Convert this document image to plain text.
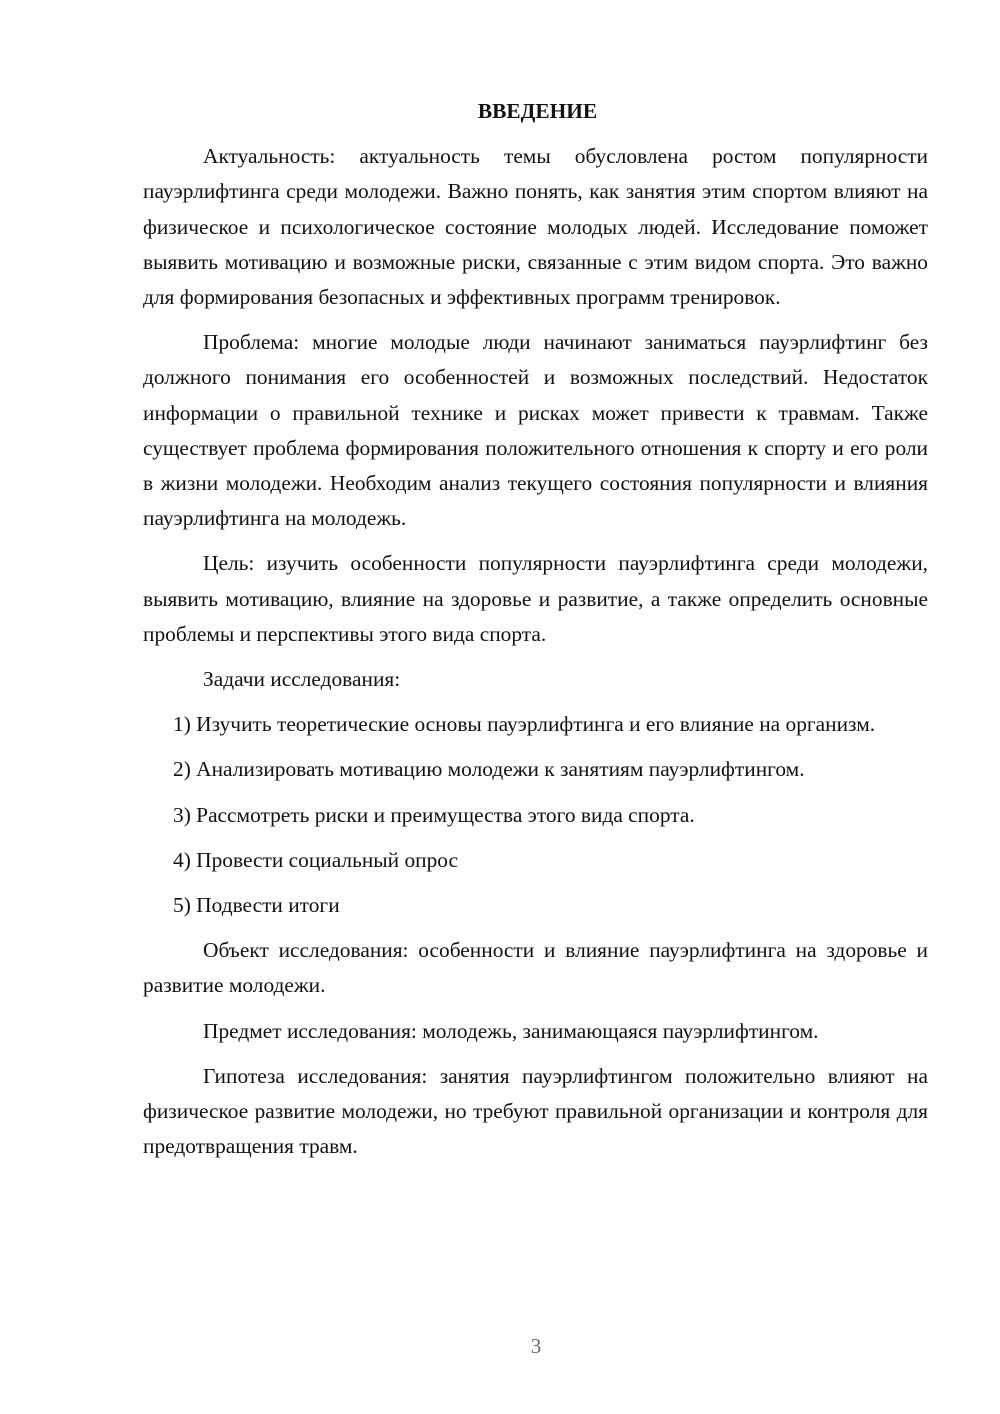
ВВЕДЕНИЕ

Актуальность: актуальность темы обусловлена ростом популярности пауэрлифтинга среди молодежи. Важно понять, как занятия этим спортом влияют на физическое и психологическое состояние молодых людей. Исследование поможет выявить мотивацию и возможные риски, связанные с этим видом спорта. Это важно для формирования безопасных и эффективных программ тренировок.

Проблема: многие молодые люди начинают заниматься пауэрлифтинг без должного понимания его особенностей и возможных последствий. Недостаток информации о правильной технике и рисках может привести к травмам. Также существует проблема формирования положительного отношения к спорту и его роли в жизни молодежи. Необходим анализ текущего состояния популярности и влияния пауэрлифтинга на молодежь.

Цель: изучить особенности популярности пауэрлифтинга среди молодежи, выявить мотивацию, влияние на здоровье и развитие, а также определить основные проблемы и перспективы этого вида спорта.

Задачи исследования:

1) Изучить теоретические основы пауэрлифтинга и его влияние на организм.

2) Анализировать мотивацию молодежи к занятиям пауэрлифтингом.

3) Рассмотреть риски и преимущества этого вида спорта.

4) Провести социальный опрос

5) Подвести итоги

Объект исследования: особенности и влияние пауэрлифтинга на здоровье и развитие молодежи.

Предмет исследования: молодежь, занимающаяся пауэрлифтингом.

Гипотеза исследования: занятия пауэрлифтингом положительно влияют на физическое развитие молодежи, но требуют правильной организации и контроля для предотвращения травм.

3
